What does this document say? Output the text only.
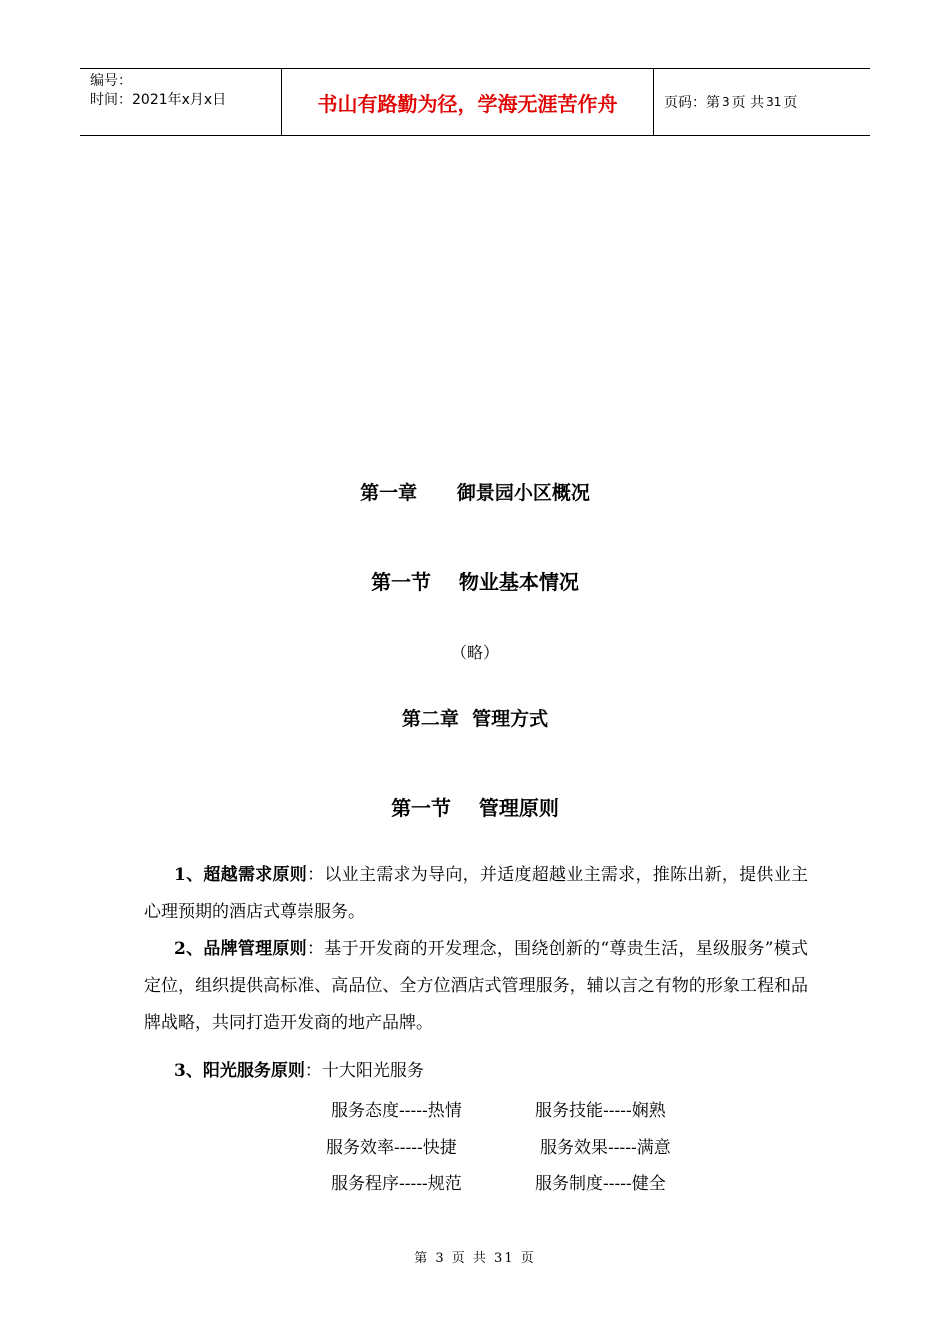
编号：
时间：2021年x月x日	书山有路勤为径，学海无涯苦作舟	页码：第 3 页 共 31 页
第一章      御景园小区概况
第一节    物业基本情况
（略）
第二章  管理方式
第一节    管理原则
1、超越需求原则：以业主需求为导向，并适度超越业主需求，推陈出新，提供业主心理预期的酒店式尊崇服务。
2、品牌管理原则：基于开发商的开发理念，围绕创新的“尊贵生活，星级服务”模式定位，组织提供高标准、高品位、全方位酒店式管理服务，辅以言之有物的形象工程和品牌战略，共同打造开发商的地产品牌。
3、阳光服务原则：十大阳光服务
服务态度-----热情	服务技能-----娴熟
服务效率-----快捷	服务效果-----满意
服务程序-----规范	服务制度-----健全
第 3 页 共 31 页
